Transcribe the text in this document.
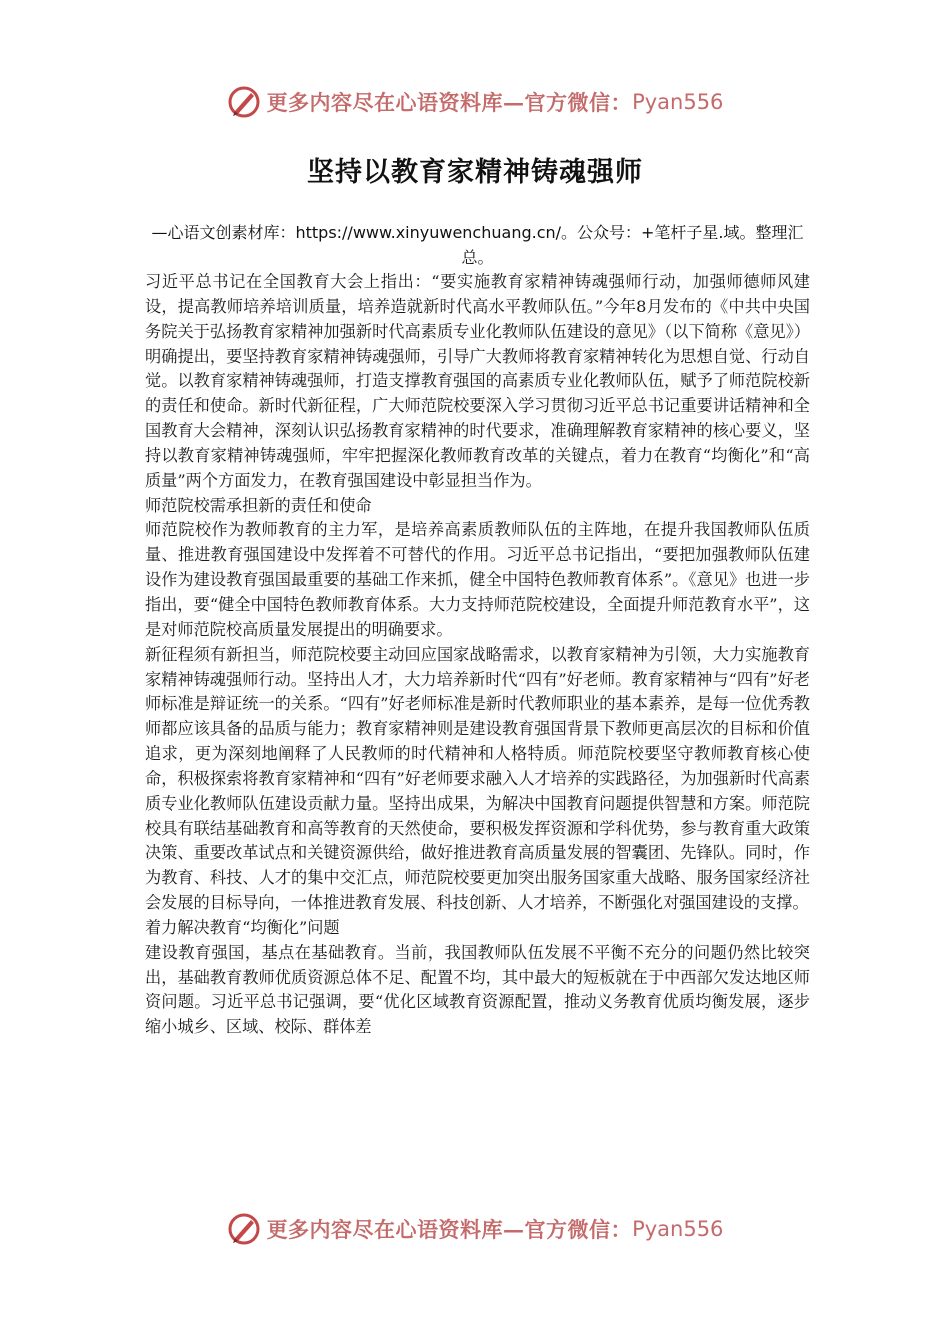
更多内容尽在心语资料库—官方微信： Pyan556
坚持以教育家精神铸魂强师
—心语文创素材库：https://www.xinyuwenchuang.cn/。公众号：+笔杆子星.域。整理汇总。

习近平总书记在全国教育大会上指出：“要实施教育家精神铸魂强师行动，加强师德师风建设，提高教师培养培训质量，培养造就新时代高水平教师队伍。”今年8月发布的《中共中央国务院关于弘扬教育家精神加强新时代高素质专业化教师队伍建设的意见》（以下简称《意见》）明确提出，要坚持教育家精神铸魂强师，引导广大教师将教育家精神转化为思想自觉、行动自觉。以教育家精神铸魂强师，打造支撑教育强国的高素质专业化教师队伍，赋予了师范院校新的责任和使命。新时代新征程，广大师范院校要深入学习贯彻习近平总书记重要讲话精神和全国教育大会精神，深刻认识弘扬教育家精神的时代要求，准确理解教育家精神的核心要义，坚持以教育家精神铸魂强师，牢牢把握深化教师教育改革的关键点，着力在教育“均衡化”和“高质量”两个方面发力，在教育强国建设中彰显担当作为。

师范院校需承担新的责任和使命

师范院校作为教师教育的主力军，是培养高素质教师队伍的主阵地，在提升我国教师队伍质量、推进教育强国建设中发挥着不可替代的作用。习近平总书记指出，“要把加强教师队伍建设作为建设教育强国最重要的基础工作来抓，健全中国特色教师教育体系”。《意见》也进一步指出，要“健全中国特色教师教育体系。大力支持师范院校建设，全面提升师范教育水平”，这是对师范院校高质量发展提出的明确要求。

新征程须有新担当，师范院校要主动回应国家战略需求，以教育家精神为引领，大力实施教育家精神铸魂强师行动。坚持出人才，大力培养新时代“四有”好老师。教育家精神与“四有”好老师标准是辩证统一的关系。“四有”好老师标准是新时代教师职业的基本素养，是每一位优秀教师都应该具备的品质与能力；教育家精神则是建设教育强国背景下教师更高层次的目标和价值追求，更为深刻地阐释了人民教师的时代精神和人格特质。师范院校要坚守教师教育核心使命，积极探索将教育家精神和“四有”好老师要求融入人才培养的实践路径，为加强新时代高素质专业化教师队伍建设贡献力量。坚持出成果，为解决中国教育问题提供智慧和方案。师范院校具有联结基础教育和高等教育的天然使命，要积极发挥资源和学科优势，参与教育重大政策决策、重要改革试点和关键资源供给，做好推进教育高质量发展的智囊团、先锋队。同时，作为教育、科技、人才的集中交汇点，师范院校要更加突出服务国家重大战略、服务国家经济社会发展的目标导向，一体推进教育发展、科技创新、人才培养，不断强化对强国建设的支撑。

着力解决教育“均衡化”问题

建设教育强国，基点在基础教育。当前，我国教师队伍发展不平衡不充分的问题仍然比较突出，基础教育教师优质资源总体不足、配置不均，其中最大的短板就在于中西部欠发达地区师资问题。习近平总书记强调，要“优化区域教育资源配置，推动义务教育优质均衡发展，逐步缩小城乡、区域、校际、群体差

更多内容尽在心语资料库—官方微信： Pyan556
